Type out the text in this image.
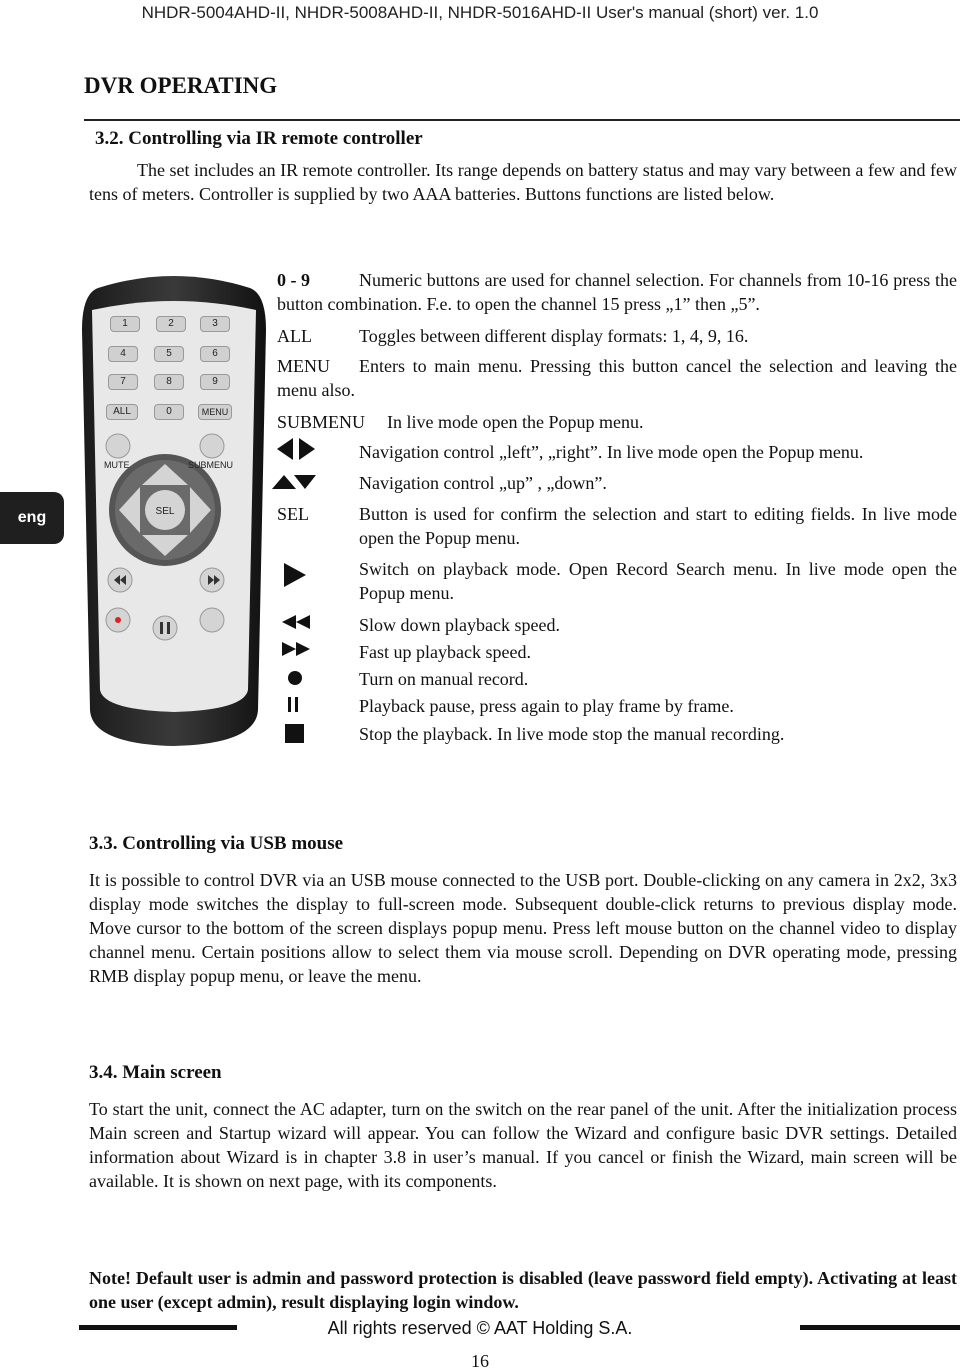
NHDR-5004AHD-II, NHDR-5008AHD-II, NHDR-5016AHD-II User's manual (short) ver. 1.0
DVR OPERATING
3.2. Controlling via IR remote controller
The set includes an IR remote controller. Its range depends on battery status and may vary between a few and few tens of meters. Controller is supplied by two AAA batteries. Buttons functions are listed below.
eng	SEL
1	2	3
4	5	6
7	8	9
ALL	0	MENU
MUTE	SUBMENU
0 - 9	Numeric buttons are used for channel selection. For channels from 10-16 press the button combination. F.e. to open the channel 15 press „1” then „5”.
ALL	Toggles between different display formats: 1, 4, 9, 16.
MENU	Enters to main menu. Pressing this button cancel the selection and leaving the menu also.
SUBMENU In live mode open the Popup menu.
Navigation control „left”, „right”. In live mode open the Popup menu.
Navigation control „up” , „down”.
SEL	Button is used for confirm the selection and start to editing fields. In live mode open the Popup menu.
Switch on playback mode. Open Record Search menu. In live mode open the Popup menu.
Slow down playback speed.
Fast up playback speed.
Turn on manual record.
Playback pause, press again to play frame by frame.
Stop the playback. In live mode stop the manual recording.
3.3. Controlling via USB mouse
It is possible to control DVR via an USB mouse connected to the USB port. Double-clicking on any camera in 2x2, 3x3 display mode switches the display to full-screen mode. Subsequent double-click returns to previous display mode. Move cursor to the bottom of the screen displays popup menu. Press left mouse button on the channel video to display channel menu. Certain positions allow to select them via mouse scroll. Depending on DVR operating mode, pressing RMB display popup menu, or leave the menu.
3.4. Main screen
To start the unit, connect the AC adapter, turn on the switch on the rear panel of the unit. After the initialization process Main screen and Startup wizard will appear. You can follow the Wizard and configure basic DVR settings. Detailed information about Wizard is in chapter 3.8 in user’s manual. If you cancel or finish the Wizard, main screen will be available. It is shown on next page, with its components.
Note! Default user is admin and password protection is disabled (leave password field empty). Activating at least one user (except admin), result displaying login window.
All rights reserved © AAT Holding S.A.
16
